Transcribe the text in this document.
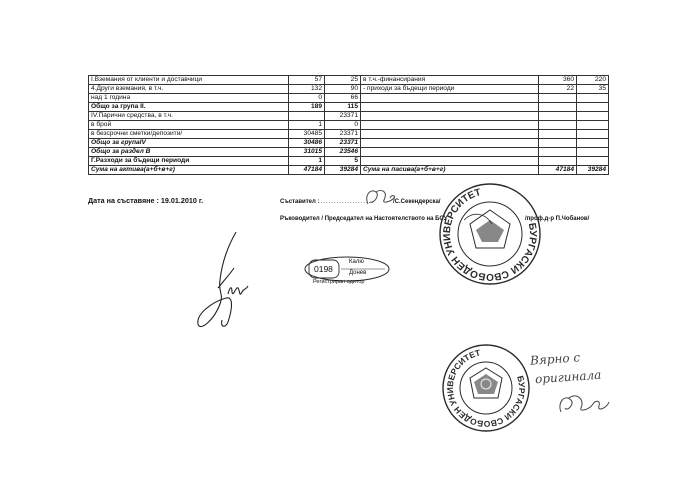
I.Вземания от клиенти и доставчици	57	25	в т.ч.-финансирания	360	220
4.Други вземания, в т.ч.	132	90	- приходи за бъдещи периоди	22	35
над 1 година	0	66			
Общо за група II.	189	115			
IV.Парични средства, в т.ч.		23371			
в брой	1	0			
в безсрочни сметки/депозити/	30485	23371			
Общо за групаIV	30486	23371			
Общо за раздел В	31015	23546			
Г.Разходи за бъдещи периоди	1	5			
Сума на актива(а+б+в+г)	47184	39284	Сума на пасива(а+б+в+г)	47184	39284
Дата на съставяне : 19.01.2010 г.	Съставител :
.....................	/С.Секендерска/
Ръководител / Председател на Настоятелството на БСУ	/проф.д-р П.Чобанов/
0198
Калю
Донев
Регистриран одитор
БУРГАСКИ СВОБОДЕН УНИВЕРСИТЕТ
БУРГАСКИ СВОБОДЕН УНИВЕРСИТЕТ	Вярно с
оригинала
